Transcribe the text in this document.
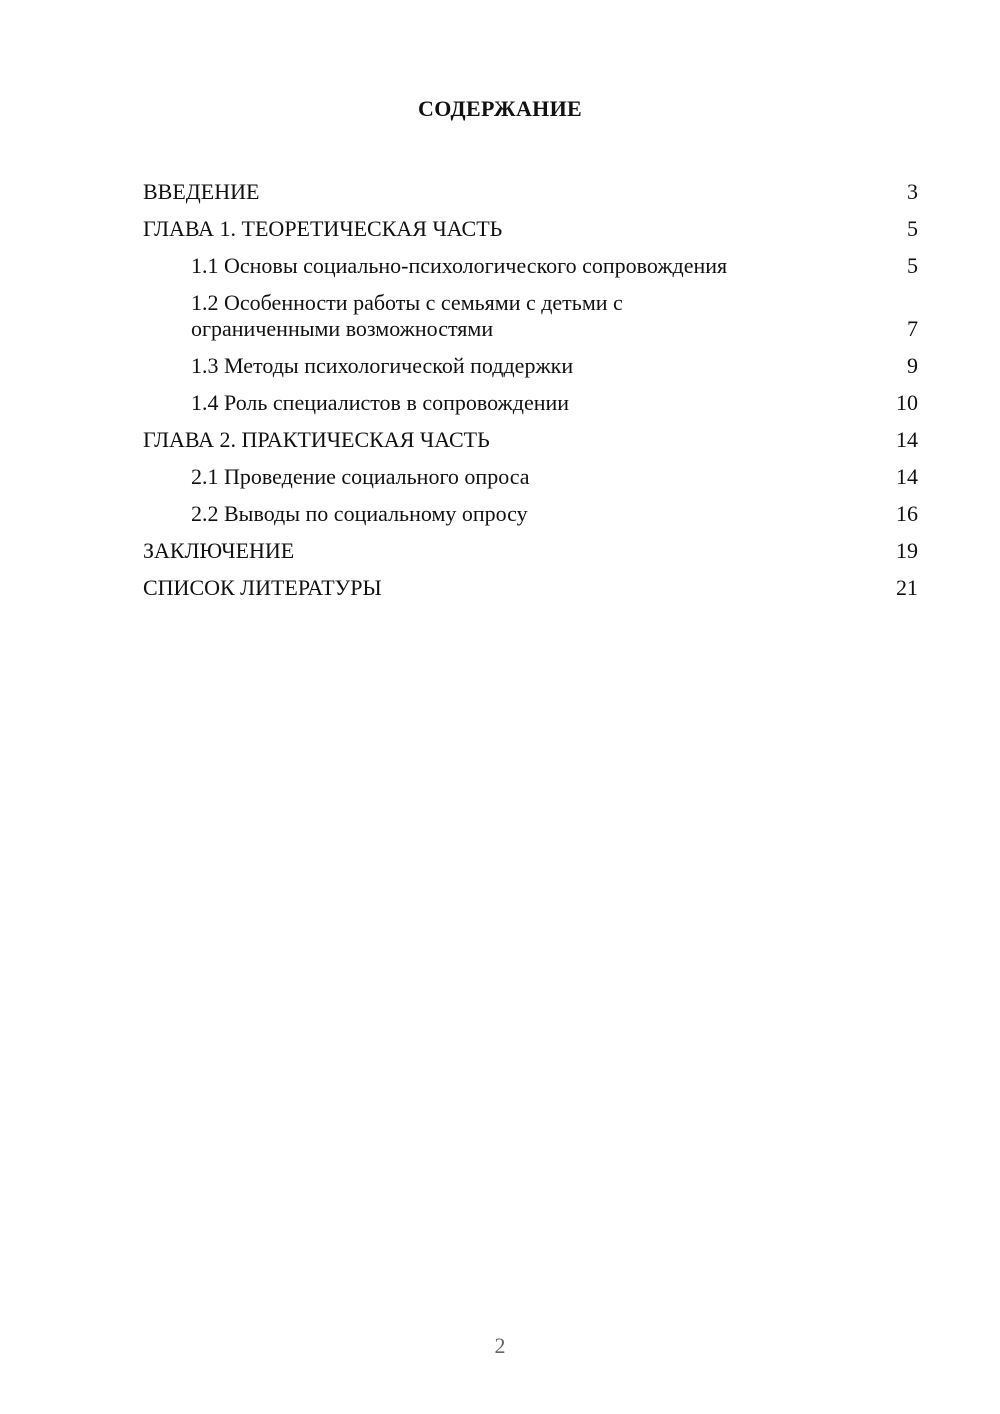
СОДЕРЖАНИЕ
ВВЕДЕНИЕ	3
ГЛАВА 1. ТЕОРЕТИЧЕСКАЯ ЧАСТЬ	5
1.1 Основы социально-психологического сопровождения	5
1.2 Особенности работы с семьями с детьми с ограниченными возможностями	7
1.3 Методы психологической поддержки	9
1.4 Роль специалистов в сопровождении	10
ГЛАВА 2. ПРАКТИЧЕСКАЯ ЧАСТЬ	14
2.1 Проведение социального опроса	14
2.2 Выводы по социальному опросу	16
ЗАКЛЮЧЕНИЕ	19
СПИСОК ЛИТЕРАТУРЫ	21
2
